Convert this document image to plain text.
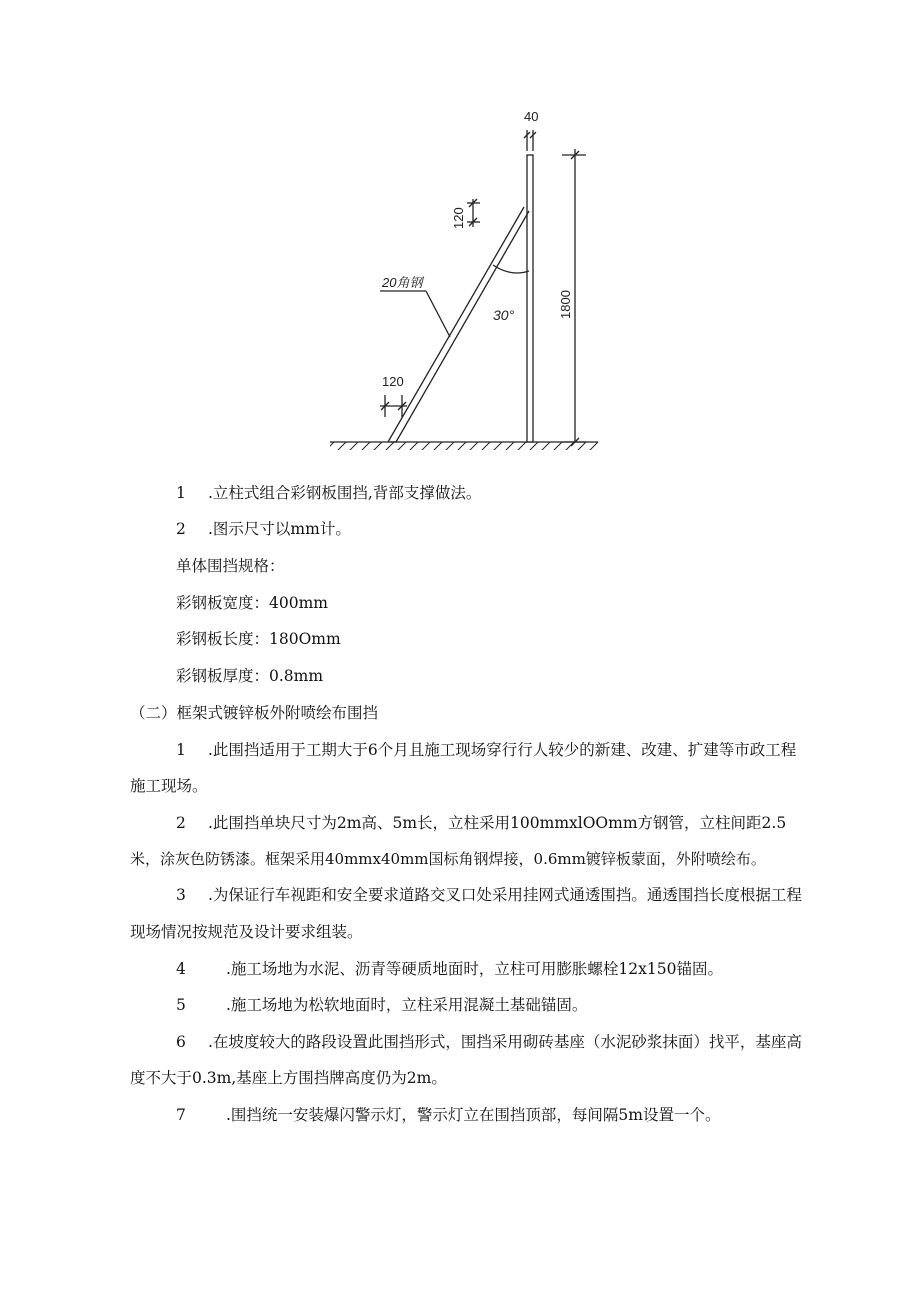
40
120
20角钢
30°	1800
120
1 .立柱式组合彩钢板围挡,背部支撑做法。
2 .图示尺寸以mm计。
单体围挡规格：
彩钢板宽度：400mm
彩钢板长度：180Omm
彩钢板厚度：0.8mm
（二）框架式镀锌板外附喷绘布围挡
1 .此围挡适用于工期大于6个月且施工现场穿行行人较少的新建、改建、扩建等市政工程
施工现场。
2 .此围挡单块尺寸为2m高、5m长，立柱采用100mmxlOOmm方钢管，立柱间距2.5
米，涂灰色防锈漆。框架采用40mmx40mm国标角钢焊接，0.6mm镀锌板蒙面，外附喷绘布。
3 .为保证行车视距和安全要求道路交叉口处采用挂网式通透围挡。通透围挡长度根据工程
现场情况按规范及设计要求组装。
4	.施工场地为水泥、沥青等硬质地面时，立柱可用膨胀螺栓12x150锚固。
5	.施工场地为松软地面时，立柱采用混凝土基础锚固。
6 .在坡度较大的路段设置此围挡形式，围挡采用砌砖基座（水泥砂浆抹面）找平，基座高
度不大于0.3m,基座上方围挡牌高度仍为2m。
7	.围挡统一安装爆闪警示灯，警示灯立在围挡顶部，每间隔5m设置一个。
